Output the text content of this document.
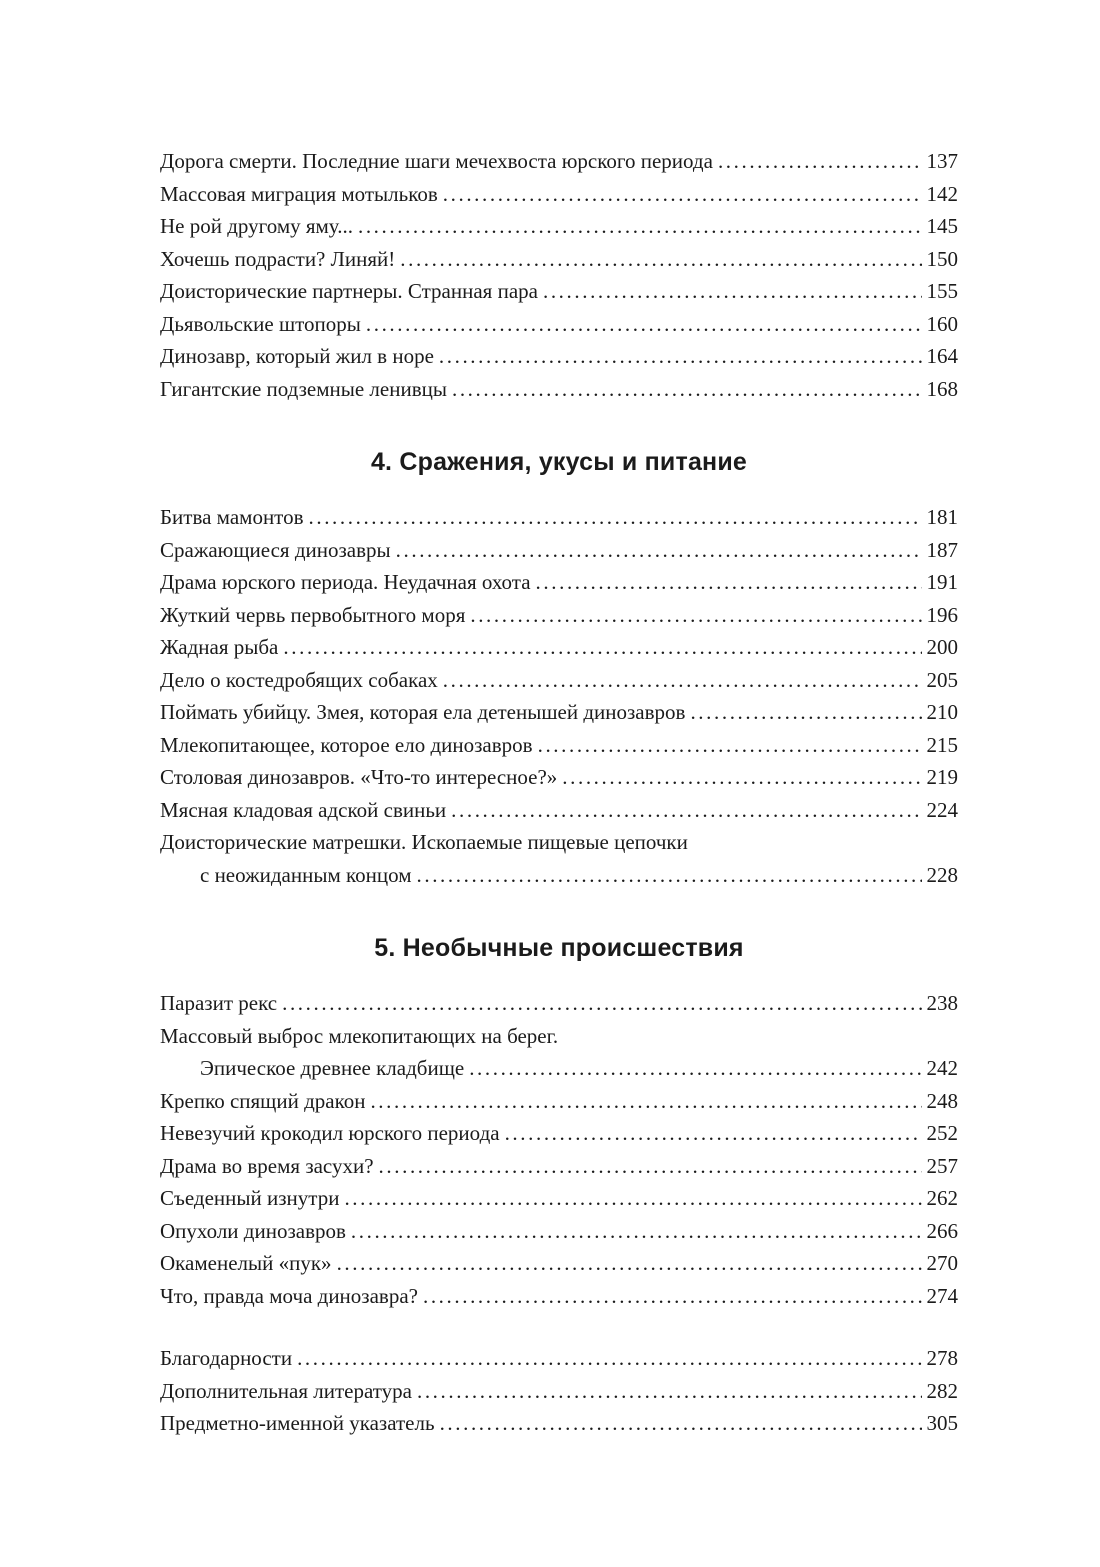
Дорога смерти. Последние шаги мечехвоста юрского периода .....	137
Массовая миграция мотыльков .....	142
Не рой другому яму... .....	145
Хочешь подрасти? Линяй! .....	150
Доисторические партнеры. Странная пара .....	155
Дьявольские штопоры .....	160
Динозавр, который жил в норе .....	164
Гигантские подземные ленивцы .....	168
4. Сражения, укусы и питание
Битва мамонтов .....	181
Сражающиеся динозавры .....	187
Драма юрского периода. Неудачная охота .....	191
Жуткий червь первобытного моря .....	196
Жадная рыба .....	200
Дело о костедробящих собаках .....	205
Поймать убийцу. Змея, которая ела детенышей динозавров .....	210
Млекопитающее, которое ело динозавров .....	215
Столовая динозавров. «Что-то интересное?» .....	219
Мясная кладовая адской свиньи .....	224
Доисторические матрешки. Ископаемые пищевые цепочки
с неожиданным концом .....	228
5. Необычные происшествия
Паразит рекс .....	238
Массовый выброс млекопитающих на берег.
Эпическое древнее кладбище .....	242
Крепко спящий дракон .....	248
Невезучий крокодил юрского периода .....	252
Драма во время засухи? .....	257
Съеденный изнутри .....	262
Опухоли динозавров .....	266
Окаменелый «пук» .....	270
Что, правда моча динозавра? .....	274
Благодарности .....	278
Дополнительная литература .....	282
Предметно-именной указатель .....	305
